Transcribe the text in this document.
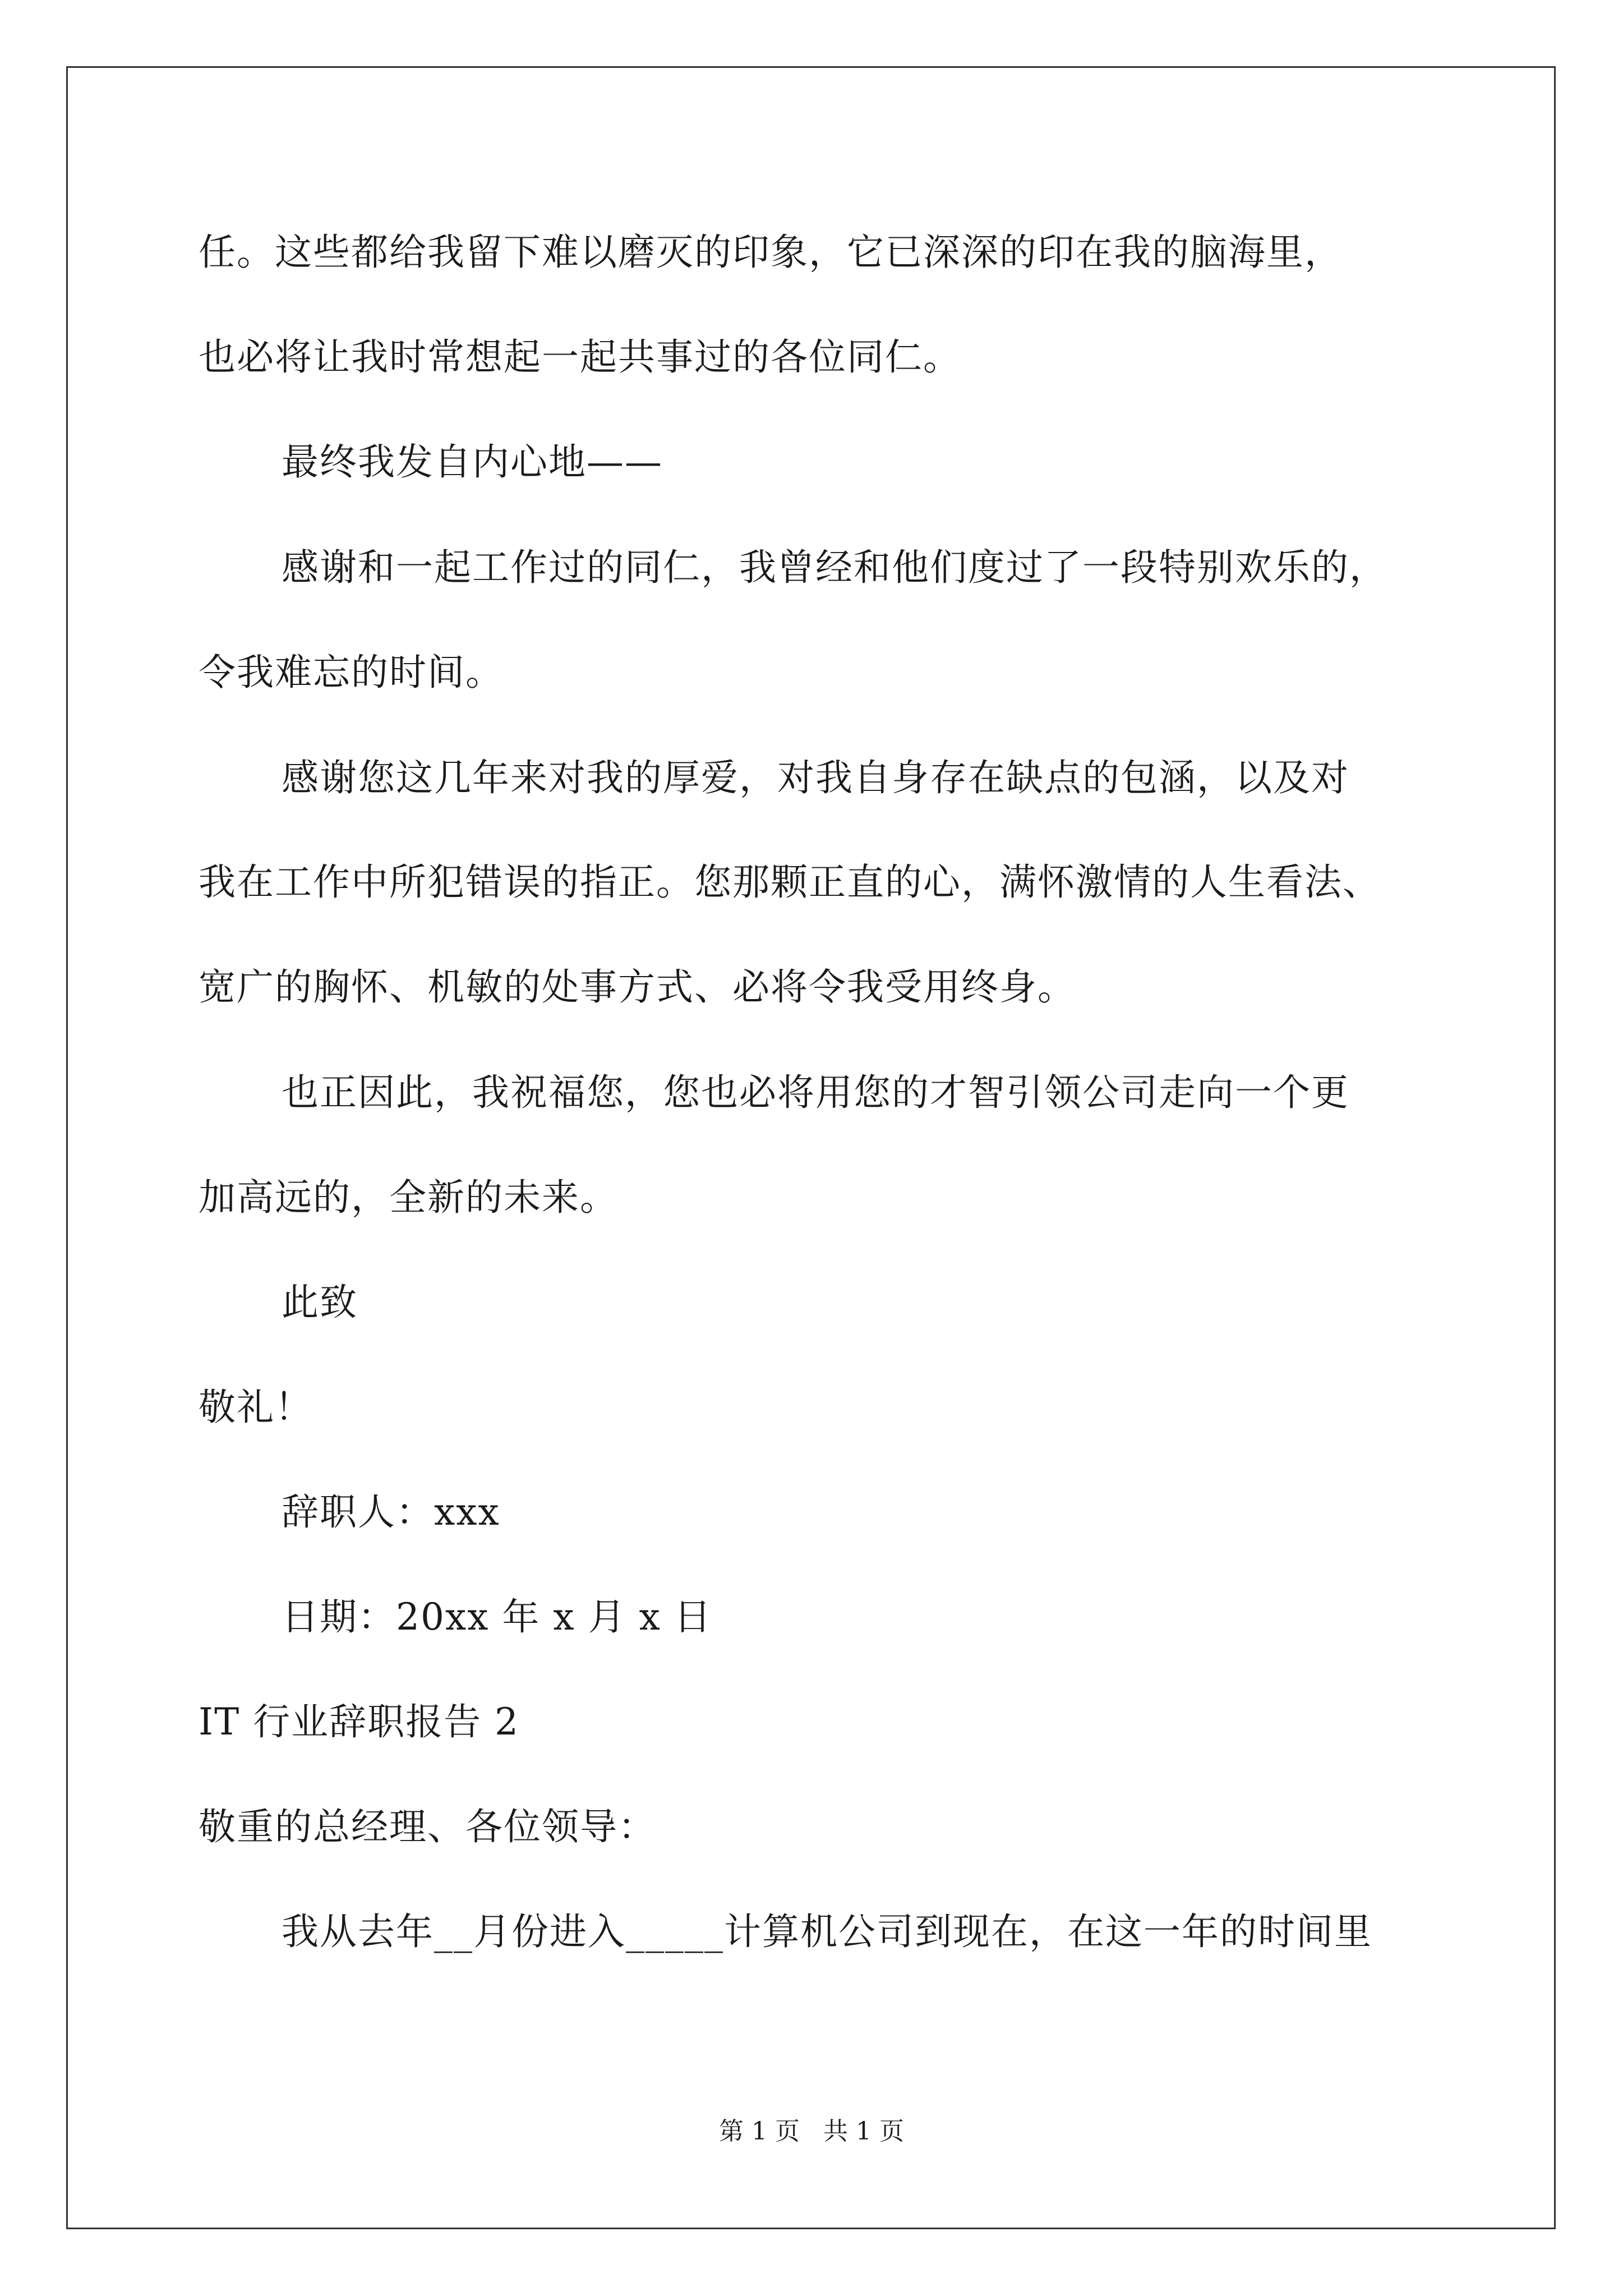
任。这些都给我留下难以磨灭的印象，它已深深的印在我的脑海里，
也必将让我时常想起一起共事过的各位同仁。
最终我发自内心地——
感谢和一起工作过的同仁，我曾经和他们度过了一段特别欢乐的，
令我难忘的时间。
感谢您这几年来对我的厚爱，对我自身存在缺点的包涵，以及对
我在工作中所犯错误的指正。您那颗正直的心，满怀激情的人生看法、
宽广的胸怀、机敏的处事方式、必将令我受用终身。
也正因此，我祝福您，您也必将用您的才智引领公司走向一个更
加高远的，全新的未来。
此致
敬礼！
辞职人：xxx
日期：20xx 年 x 月 x 日
IT 行业辞职报告 2
敬重的总经理、各位领导：
我从去年__月份进入_____计算机公司到现在，在这一年的时间里
第 1 页   共 1 页
